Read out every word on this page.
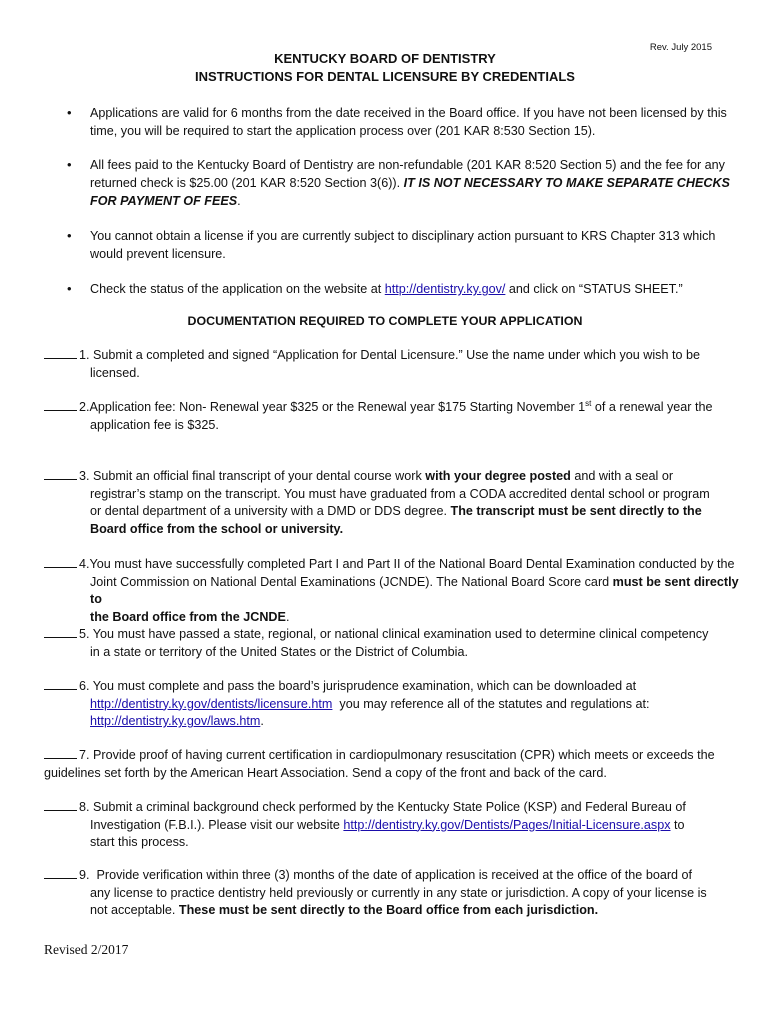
Rev. July 2015
KENTUCKY BOARD OF DENTISTRY
INSTRUCTIONS FOR DENTAL LICENSURE BY CREDENTIALS
• Applications are valid for 6 months from the date received in the Board office. If you have not been licensed by this time, you will be required to start the application process over (201 KAR 8:530 Section 15).
• All fees paid to the Kentucky Board of Dentistry are non-refundable (201 KAR 8:520 Section 5) and the fee for any returned check is $25.00 (201 KAR 8:520 Section 3(6)). IT IS NOT NECESSARY TO MAKE SEPARATE CHECKS FOR PAYMENT OF FEES.
• You cannot obtain a license if you are currently subject to disciplinary action pursuant to KRS Chapter 313 which would prevent licensure.
• Check the status of the application on the website at http://dentistry.ky.gov/ and click on “STATUS SHEET.”
DOCUMENTATION REQUIRED TO COMPLETE YOUR APPLICATION
1. Submit a completed and signed “Application for Dental Licensure.” Use the name under which you wish to be
licensed.
2.Application fee: Non- Renewal year $325 or the Renewal year $175 Starting November 1st of a renewal year the
application fee is $325.
3. Submit an official final transcript of your dental course work with your degree posted and with a seal or
registrar’s stamp on the transcript. You must have graduated from a CODA accredited dental school or program
or dental department of a university with a DMD or DDS degree. The transcript must be sent directly to the
Board office from the school or university.
4.You must have successfully completed Part I and Part II of the National Board Dental Examination conducted by the
Joint Commission on National Dental Examinations (JCNDE). The National Board Score card must be sent directly to
the Board office from the JCNDE.
5. You must have passed a state, regional, or national clinical examination used to determine clinical competency
in a state or territory of the United States or the District of Columbia.
6. You must complete and pass the board’s jurisprudence examination, which can be downloaded at
http://dentistry.ky.gov/dentists/licensure.htm you may reference all of the statutes and regulations at:
http://dentistry.ky.gov/laws.htm.
7. Provide proof of having current certification in cardiopulmonary resuscitation (CPR) which meets or exceeds the
guidelines set forth by the American Heart Association. Send a copy of the front and back of the card.
8. Submit a criminal background check performed by the Kentucky State Police (KSP) and Federal Bureau of
Investigation (F.B.I.). Please visit our website http://dentistry.ky.gov/Dentists/Pages/Initial-Licensure.aspx to
start this process.
9. Provide verification within three (3) months of the date of application is received at the office of the board of
any license to practice dentistry held previously or currently in any state or jurisdiction. A copy of your license is
not acceptable. These must be sent directly to the Board office from each jurisdiction.
Revised 2/2017
